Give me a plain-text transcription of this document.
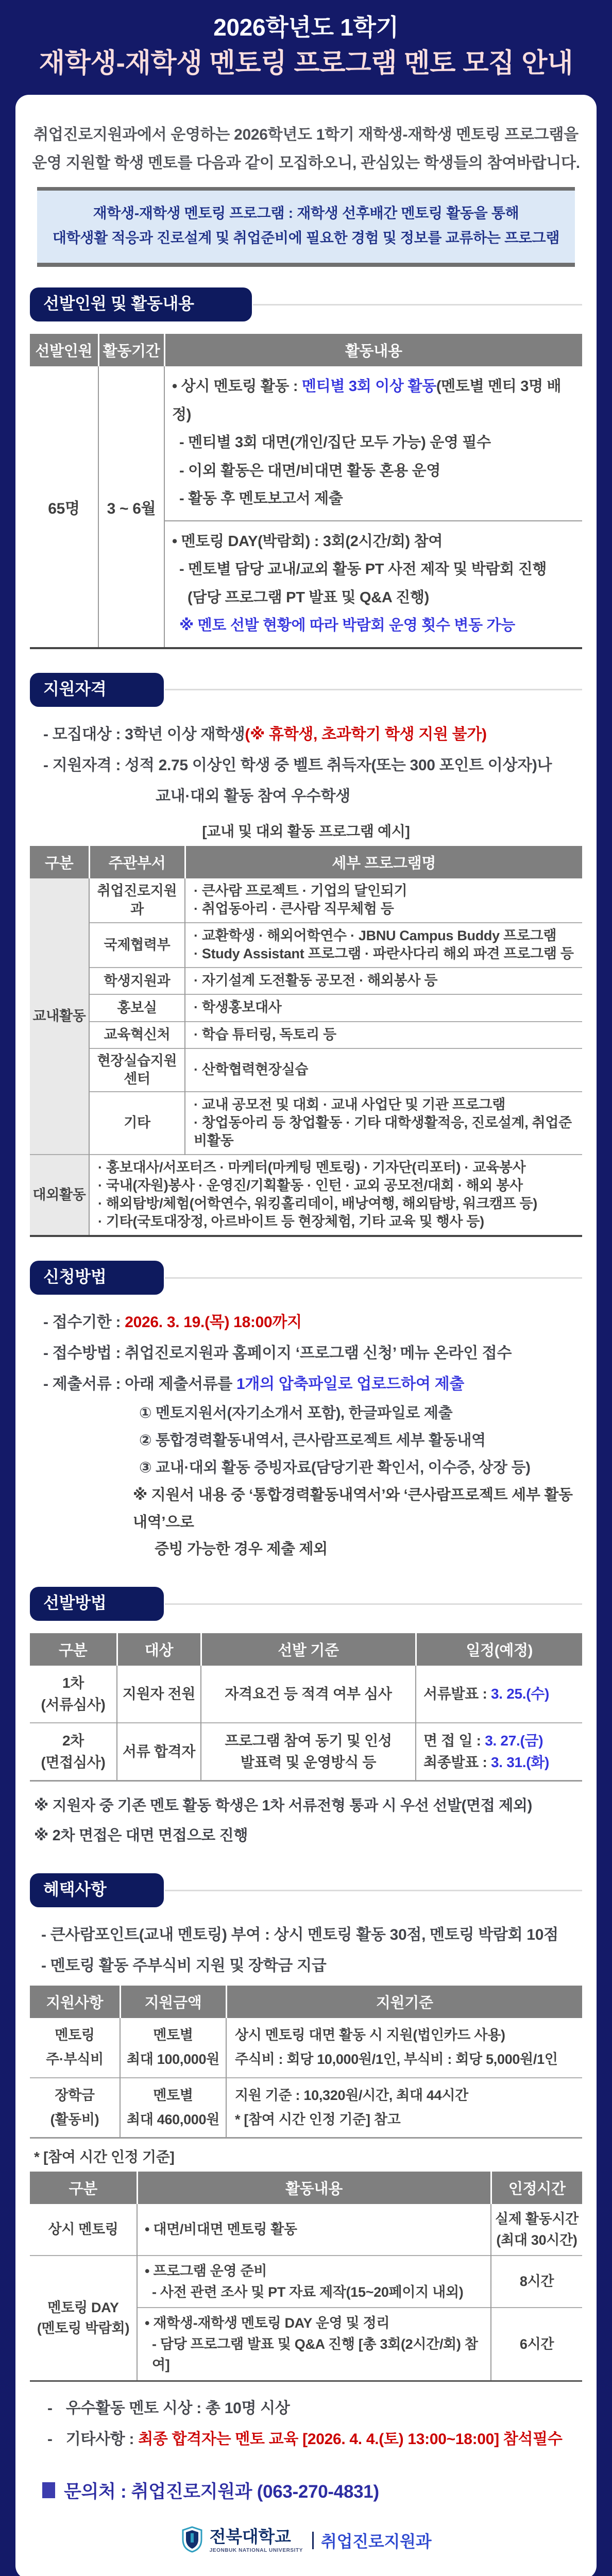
2026학년도 1학기
재학생-재학생 멘토링 프로그램 멘토 모집 안내
취업진로지원과에서 운영하는 2026학년도 1학기 재학생-재학생 멘토링 프로그램을
운영 지원할 학생 멘토를 다음과 같이 모집하오니, 관심있는 학생들의 참여바랍니다.
재학생-재학생 멘토링 프로그램 : 재학생 선후배간 멘토링 활동을 통해
대학생활 적응과 진로설계 및 취업준비에 필요한 경험 및 정보를 교류하는 프로그램
선발인원 및 활동내용
선발인원	활동기간	활동내용
65명	3 ~ 6월	• 상시 멘토링 활동 : 멘티별 3회 이상 활동(멘토별 멘티 3명 배정)
- 멘티별 3회 대면(개인/집단 모두 가능) 운영 필수
- 이외 활동은 대면/비대면 활동 혼용 운영
- 활동 후 멘토보고서 제출

		• 멘토링 DAY(박람회) : 3회(2시간/회) 참여
- 멘토별 담당 교내/교외 활동 PT 사전 제작 및 박람회 진행
(담당 프로그램 PT 발표 및 Q&A 진행)
※ 멘토 선발 현황에 따라 박람회 운영 횟수 변동 가능
지원자격
- 모집대상 : 3학년 이상 재학생(※ 휴학생, 초과학기 학생 지원 불가)
- 지원자격 : 성적 2.75 이상인 학생 중 벨트 취득자(또는 300 포인트 이상자)나
교내·대외 활동 참여 우수학생
[교내 및 대외 활동 프로그램 예시]
구분	주관부서	세부 프로그램명
교내활동	취업진로지원과	· 큰사람 프로젝트 · 기업의 달인되기
· 취업동아리 · 큰사람 직무체험 등

	국제협력부	· 교환학생 · 해외어학연수 · JBNU Campus Buddy 프로그램
· Study Assistant 프로그램 · 파란사다리 해외 파견 프로그램 등

	학생지원과	· 자기설계 도전활동 공모전 · 해외봉사 등

	홍보실	· 학생홍보대사

	교육혁신처	· 학습 튜터링, 독토리 등

	현장실습지원센터	· 산학협력현장실습

	기타	· 교내 공모전 및 대회 · 교내 사업단 및 기관 프로그램
· 창업동아리 등 창업활동 · 기타 대학생활적응, 진로설계, 취업준비활동

대외활동	· 홍보대사/서포터즈 · 마케터(마케팅 멘토링) · 기자단(리포터) · 교육봉사
· 국내(자원)봉사 · 운영진/기획활동 · 인턴 · 교외 공모전/대회 · 해외 봉사
· 해외탐방/체험(어학연수, 워킹홀리데이, 배낭여행, 해외탐방, 워크캠프 등)
· 기타(국토대장정, 아르바이트 등 현장체험, 기타 교육 및 행사 등)	
신청방법
- 접수기한 : 2026. 3. 19.(목) 18:00까지
- 접수방법 : 취업진로지원과 홈페이지 ‘프로그램 신청’ 메뉴 온라인 접수
- 제출서류 : 아래 제출서류를 1개의 압축파일로 업로드하여 제출
① 멘토지원서(자기소개서 포함), 한글파일로 제출
② 통합경력활동내역서, 큰사람프로젝트 세부 활동내역
③ 교내·대외 활동 증빙자료(담당기관 확인서, 이수증, 상장 등)
※ 지원서 내용 중 ‘통합경력활동내역서’와 ‘큰사람프로젝트 세부 활동내역’으로
증빙 가능한 경우 제출 제외
선발방법
구분	대상	선발 기준	일정(예정)

1차
(서류심사)	지원자 전원	자격요건 등 적격 여부 심사	서류발표 : 3. 25.(수)

2차
(면접심사)	서류 합격자	프로그램 참여 동기 및 인성
발표력 및 운영방식 등	면 접 일 : 3. 27.(금)
최종발표 : 3. 31.(화)
※ 지원자 중 기존 멘토 활동 학생은 1차 서류전형 통과 시 우선 선발(면접 제외)
※ 2차 면접은 대면 면접으로 진행
혜택사항
- 큰사람포인트(교내 멘토링) 부여 : 상시 멘토링 활동 30점, 멘토링 박람회 10점
- 멘토링 활동 주부식비 지원 및 장학금 지급
지원사항	지원금액	지원기준

멘토링
주·부식비	멘토별
최대 100,000원	상시 멘토링 대면 활동 시 지원(법인카드 사용)
주식비 : 회당 10,000원/1인, 부식비 : 회당 5,000원/1인

장학금
(활동비)	멘토별
최대 460,000원	지원 기준 : 10,320원/시간, 최대 44시간
* [참여 시간 인정 기준] 참고
* [참여 시간 인정 기준]
구분	활동내용	인정시간
상시 멘토링	• 대면/비대면 멘토링 활동	실제 활동시간
(최대 30시간)

멘토링 DAY
(멘토링 박람회)	• 프로그램 운영 준비
- 사전 관련 조사 및 PT 자료 제작(15~20페이지 내외)	8시간

	• 재학생-재학생 멘토링 DAY 운영 및 정리
- 담당 프로그램 발표 및 Q&A 진행 [총 3회(2시간/회) 참여]	6시간
- 우수활동 멘토 시상 : 총 10명 시상
- 기타사항 : 최종 합격자는 멘토 교육 [2026. 4. 4.(토) 13:00~18:00] 참석필수
문의처 : 취업진로지원과 (063-270-4831)
전북대학교
JEONBUK NATIONAL UNIVERSITY 취업진로지원과
